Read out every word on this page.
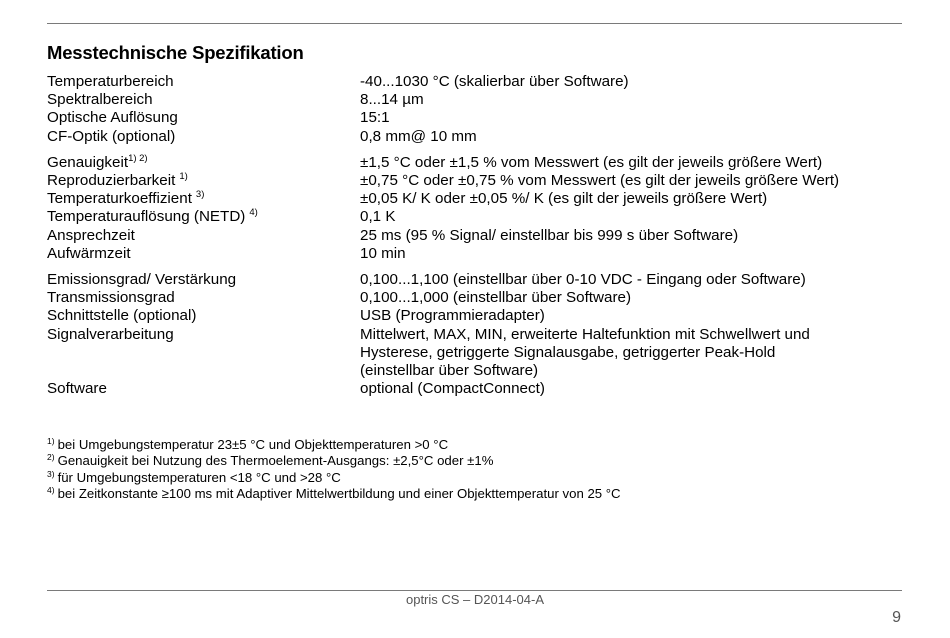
Messtechnische Spezifikation
Temperaturbereich	-40...1030 °C (skalierbar über Software)
Spektralbereich	8...14 µm
Optische Auflösung	15:1
CF-Optik (optional)	0,8 mm@ 10 mm
Genauigkeit$^{1) 2)}$	±1,5 °C oder ±1,5 % vom Messwert (es gilt der jeweils größere Wert)
Reproduzierbarkeit $^{1)}$	±0,75 °C oder ±0,75 % vom Messwert (es gilt der jeweils größere Wert)
Temperaturkoeffizient $^{3)}$	±0,05 K/ K oder ±0,05 %/ K (es gilt der jeweils größere Wert)
Temperaturauflösung (NETD) $^{4)}$	0,1 K
Ansprechzeit	25 ms (95 % Signal/ einstellbar bis 999 s über Software)
Aufwärmzeit	10 min
Emissionsgrad/ Verstärkung	0,100...1,100 (einstellbar über 0-10 VDC - Eingang oder Software)
Transmissionsgrad	0,100...1,000 (einstellbar über Software)
Schnittstelle (optional)	USB (Programmieradapter)
Signalverarbeitung	Mittelwert, MAX, MIN, erweiterte Haltefunktion mit Schwellwert und
Hysterese, getriggerte Signalausgabe, getriggerter Peak-Hold
(einstellbar über Software)
Software	optional (CompactConnect)
$^{1)}$ bei Umgebungstemperatur 23±5 °C und Objekttemperaturen >0 °C
$^{2)}$ Genauigkeit bei Nutzung des Thermoelement-Ausgangs: ±2,5°C oder ±1%
$^{3)}$ für Umgebungstemperaturen <18 °C und >28 °C
$^{4)}$ bei Zeitkonstante ≥100 ms mit Adaptiver Mittelwertbildung und einer Objekttemperatur von 25 °C
optris CS – D2014-04-A
9
